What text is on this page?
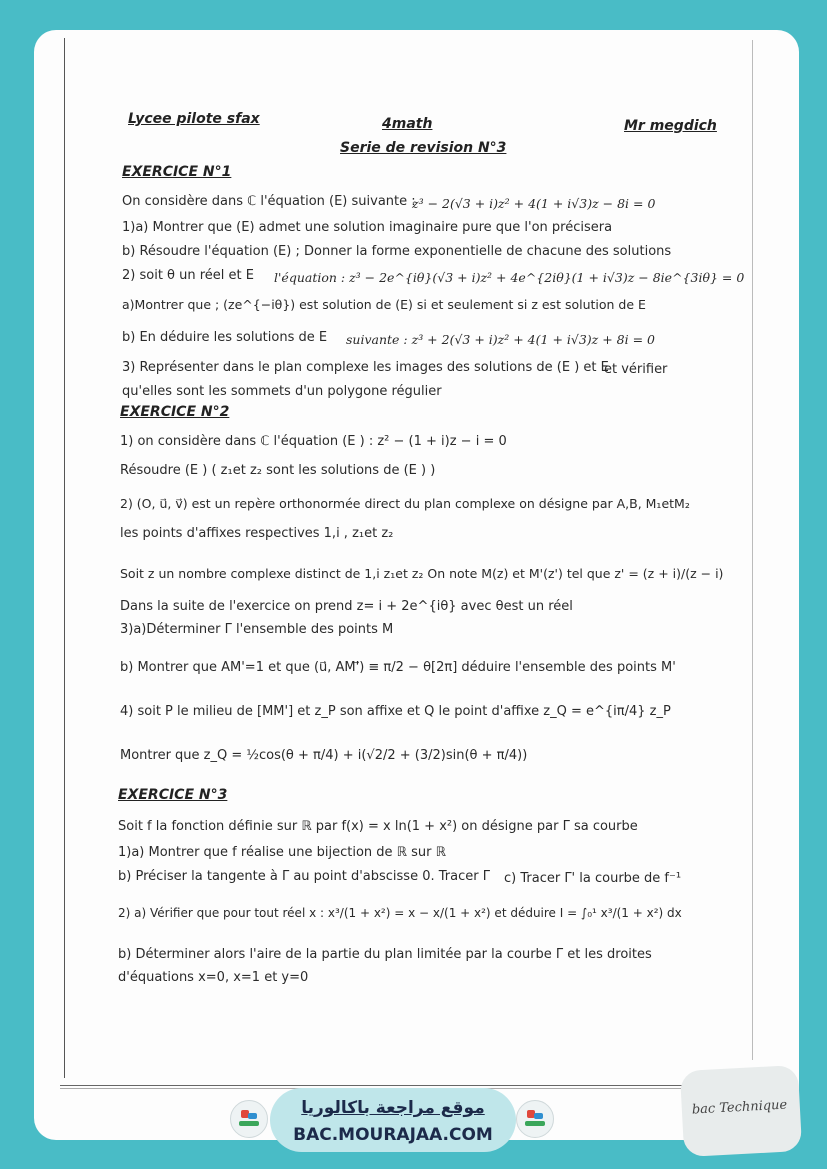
Lycee pilote sfax	4math	Mr megdich
Serie de revision N°3
EXERCICE N°1
On considère dans ℂ l'équation (E) suivante :
z³ − 2(√3 + i)z² + 4(1 + i√3)z − 8i = 0
1)a) Montrer que (E) admet une solution imaginaire pure que l'on précisera
b) Résoudre l'équation (E) ; Donner la forme exponentielle de chacune des solutions
2) soit θ un réel et E l'équation : z³ − 2e^{iθ}(√3 + i)z² + 4e^{2iθ}(1 + i√3)z − 8ie^{3iθ} = 0
a)Montrer que ; (ze^{−iθ}) est solution de (E) si et seulement si z est solution de E
b) En déduire les solutions de E suivante : z³ + 2(√3 + i)z² + 4(1 + i√3)z + 8i = 0
3) Représenter dans le plan complexe les images des solutions de (E ) et E
et vérifier
qu'elles sont les sommets d'un polygone régulier
EXERCICE N°2
1) on considère dans ℂ l'équation (E ) : z² − (1 + i)z − i = 0
Résoudre (E ) ( z₁et z₂ sont les solutions de (E ) )
2) (O, u⃗, v⃗) est un repère orthonormée direct du plan complexe on désigne par A,B, M₁etM₂
les points d'affixes respectives 1,i , z₁et z₂
Soit z un nombre complexe distinct de 1,i z₁et z₂ On note M(z) et M'(z') tel que z' = (z + i)/(z − i)
Dans la suite de l'exercice on prend z= i + 2e^{iθ} avec θest un réel
3)a)Déterminer Γ l'ensemble des points M
b) Montrer que AM'=1 et que (u⃗, AM'⃗) ≡ π/2 − θ[2π] déduire l'ensemble des points M'
4) soit P le milieu de [MM'] et z_P son affixe et Q le point d'affixe z_Q = e^{iπ/4} z_P
Montrer que z_Q = ½cos(θ + π/4) + i(√2/2 + (3/2)sin(θ + π/4))
EXERCICE N°3
Soit f la fonction définie sur ℝ par f(x) = x ln(1 + x²) on désigne par Γ sa courbe
1)a) Montrer que f réalise une bijection de ℝ sur ℝ
b) Préciser la tangente à Γ au point d'abscisse 0. Tracer Γ c) Tracer Γ' la courbe de f⁻¹
2) a) Vérifier que pour tout réel x : x³/(1 + x²) = x − x/(1 + x²) et déduire I = ∫₀¹ x³/(1 + x²) dx
b) Déterminer alors l'aire de la partie du plan limitée par la courbe Γ et les droites
d'équations x=0, x=1 et y=0
موقع مراجعة باكالوريا
BAC.MOURAJAA.COM
bac Technique
